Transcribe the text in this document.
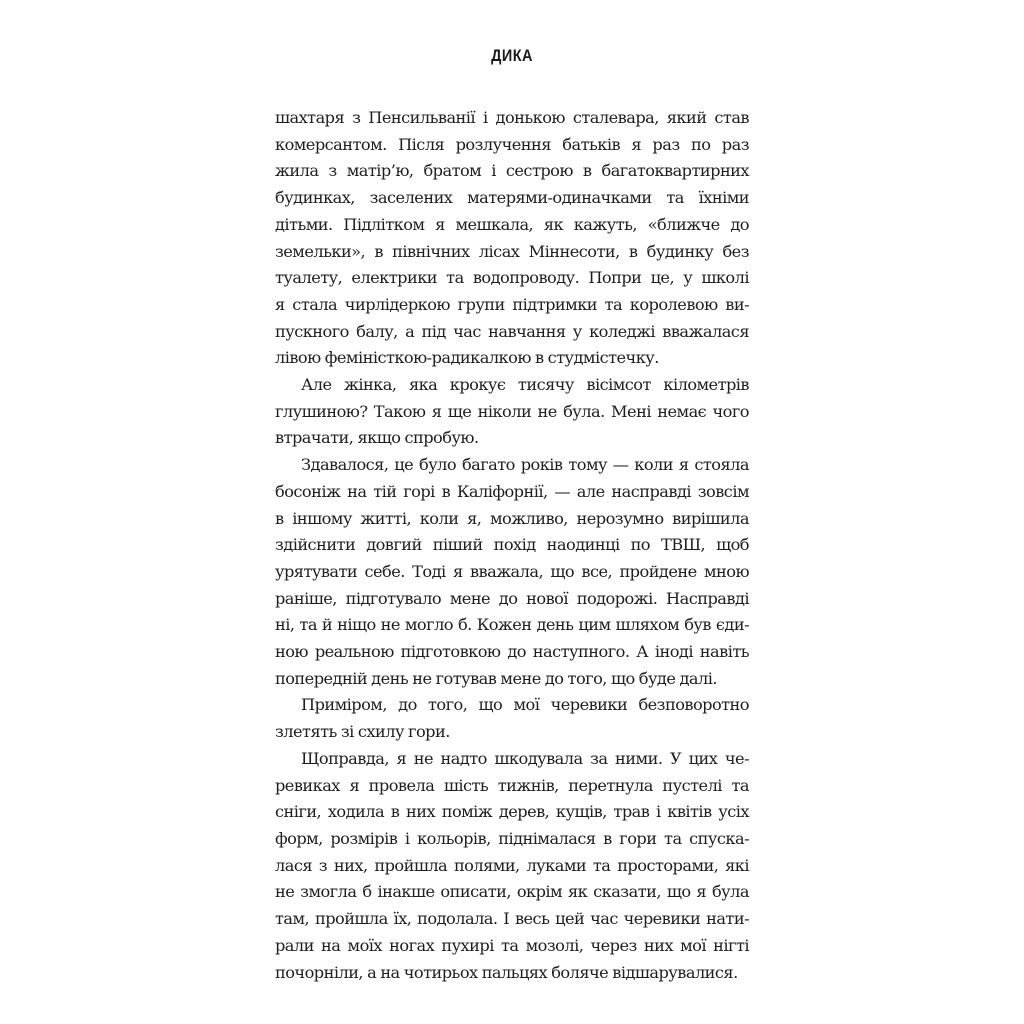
ДИКА

шахтаря з Пенсильванії і донькою сталевара, який став
комерсантом. Після розлучення батьків я раз по раз
жила з матір’ю, братом і сестрою в багатоквартирних
будинках, заселених матерями-одиначками та їхніми
дітьми. Підлітком я мешкала, як кажуть, «ближче до
земельки», в північних лісах Міннесоти, в будинку без
туалету, електрики та водопроводу. Попри це, у школі
я стала чирлідеркою групи підтримки та королевою ви-
пускного балу, а під час навчання у коледжі вважалася
лівою феміністкою-радикалкою в студмістечку.

Але жінка, яка крокує тисячу вісімсот кілометрів
глушиною? Такою я ще ніколи не була. Мені немає чого
втрачати, якщо спробую.

Здавалося, це було багато років тому — коли я стояла
босоніж на тій горі в Каліфорнії, — але насправді зовсім
в іншому житті, коли я, можливо, нерозумно вирішила
здійснити довгий піший похід наодинці по ТВШ, щоб
урятувати себе. Тоді я вважала, що все, пройдене мною
раніше, підготувало мене до нової подорожі. Насправді
ні, та й ніщо не могло б. Кожен день цим шляхом був єди-
ною реальною підготовкою до наступного. А іноді навіть
попередній день не готував мене до того, що буде далі.

Приміром, до того, що мої черевики безповоротно
злетять зі схилу гори.

Щоправда, я не надто шкодувала за ними. У цих че-
ревиках я провела шість тижнів, перетнула пустелі та
сніги, ходила в них поміж дерев, кущів, трав і квітів усіх
форм, розмірів і кольорів, піднімалася в гори та спуска-
лася з них, пройшла полями, луками та просторами, які
не змогла б інакше описати, окрім як сказати, що я була
там, пройшла їх, подолала. І весь цей час черевики нати-
рали на моїх ногах пухирі та мозолі, через них мої нігті
почорніли, а на чотирьох пальцях боляче відшарувалися.
